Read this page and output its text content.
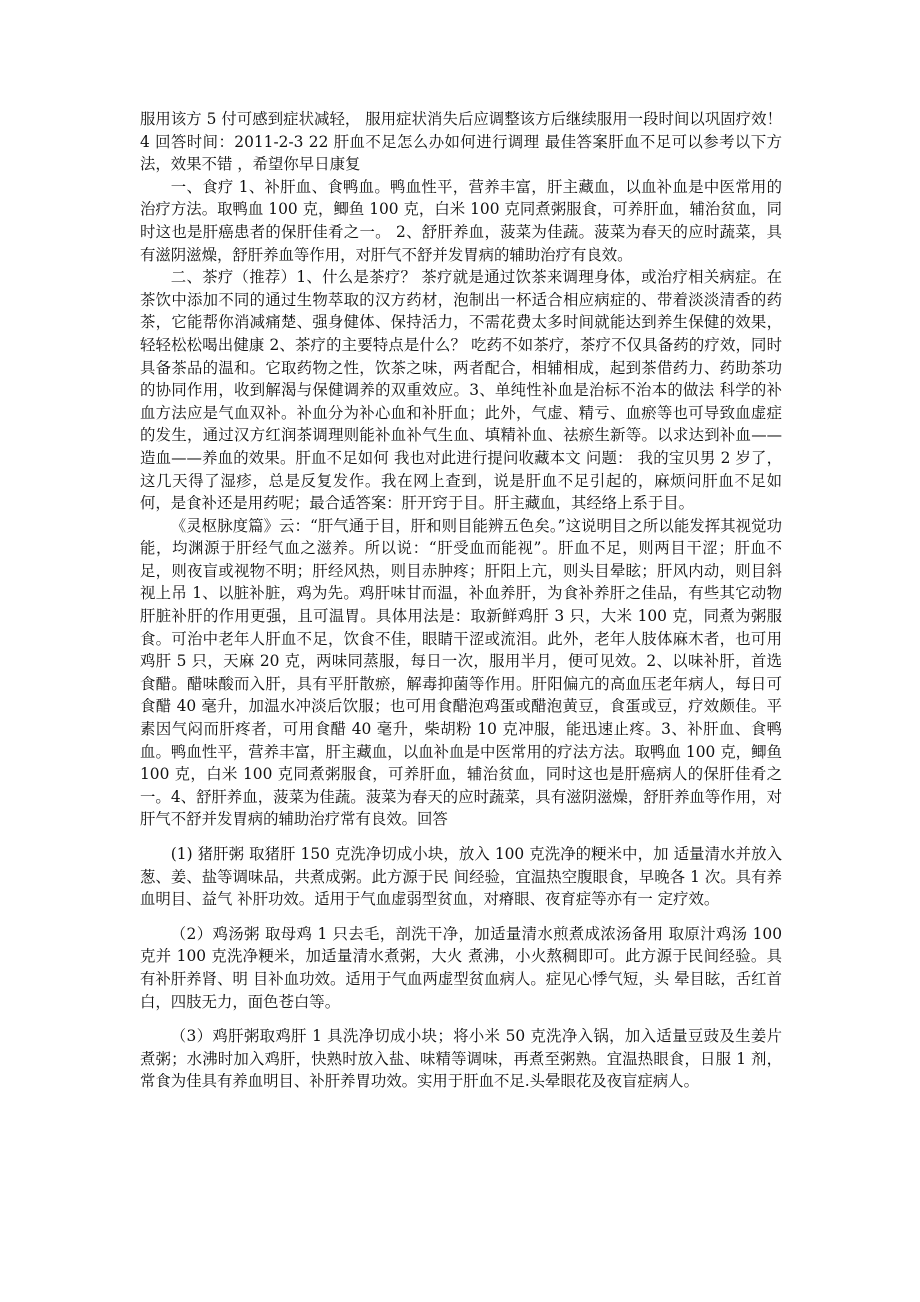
服用该方 5 付可感到症状减轻， 服用症状消失后应调整该方后继续服用一段时间以巩固疗效！4 回答时间：2011-2-3 22 肝血不足怎么办如何进行调理 最佳答案肝血不足可以参考以下方法，效果不错 ，希望你早日康复

一、食疗 1、补肝血、食鸭血。鸭血性平，营养丰富，肝主藏血，以血补血是中医常用的治疗方法。取鸭血 100 克，鲫鱼 100 克，白米 100 克同煮粥服食，可养肝血，辅治贫血，同时这也是肝癌患者的保肝佳肴之一。 2、舒肝养血，菠菜为佳蔬。菠菜为春天的应时蔬菜，具有滋阴滋燥，舒肝养血等作用，对肝气不舒并发胃病的辅助治疗有良效。

二、茶疗（推荐）1、什么是茶疗？ 茶疗就是通过饮茶来调理身体，或治疗相关病症。在茶饮中添加不同的通过生物萃取的汉方药材，泡制出一杯适合相应病症的、带着淡淡清香的药茶，它能帮你消减痛楚、强身健体、保持活力，不需花费太多时间就能达到养生保健的效果，轻轻松松喝出健康 2、茶疗的主要特点是什么？ 吃药不如茶疗，茶疗不仅具备药的疗效，同时具备茶品的温和。它取药物之性，饮茶之味，两者配合，相辅相成，起到茶借药力、药助茶功的协同作用，收到解渴与保健调养的双重效应。3、单纯性补血是治标不治本的做法 科学的补血方法应是气血双补。补血分为补心血和补肝血；此外，气虚、精亏、血瘀等也可导致血虚症的发生，通过汉方红润茶调理则能补血补气生血、填精补血、祛瘀生新等。以求达到补血——造血——养血的效果。肝血不足如何 我也对此进行提问收藏本文 问题： 我的宝贝男 2 岁了，这几天得了湿疹，总是反复发作。我在网上查到，说是肝血不足引起的，麻烦问肝血不足如何，是食补还是用药呢；最合适答案：肝开窍于目。肝主藏血，其经络上系于目。

《灵枢脉度篇》云：“肝气通于目，肝和则目能辨五色矣。”这说明目之所以能发挥其视觉功能，均渊源于肝经气血之滋养。所以说：“肝受血而能视”。肝血不足，则两目干涩；肝血不足，则夜盲或视物不明；肝经风热，则目赤肿疼；肝阳上亢，则头目晕眩；肝风内动，则目斜视上吊 1、以脏补脏，鸡为先。鸡肝味甘而温，补血养肝，为食补养肝之佳品，有些其它动物肝脏补肝的作用更强，且可温胃。具体用法是：取新鲜鸡肝 3 只，大米 100 克，同煮为粥服食。可治中老年人肝血不足，饮食不佳，眼睛干涩或流泪。此外，老年人肢体麻木者，也可用鸡肝 5 只，天麻 20 克，两味同蒸服，每日一次，服用半月，便可见效。2、以味补肝，首选食醋。醋味酸而入肝，具有平肝散瘀，解毒抑菌等作用。肝阳偏亢的高血压老年病人，每日可食醋 40 毫升，加温水冲淡后饮服；也可用食醋泡鸡蛋或醋泡黄豆，食蛋或豆，疗效颇佳。平素因气闷而肝疼者，可用食醋 40 毫升，柴胡粉 10 克冲服，能迅速止疼。3、补肝血、食鸭血。鸭血性平，营养丰富，肝主藏血，以血补血是中医常用的疗法方法。取鸭血 100 克，鲫鱼 100 克，白米 100 克同煮粥服食，可养肝血，辅治贫血，同时这也是肝癌病人的保肝佳肴之一。4、舒肝养血，菠菜为佳蔬。菠菜为春天的应时蔬菜，具有滋阴滋燥，舒肝养血等作用，对肝气不舒并发胃病的辅助治疗常有良效。回答

(1) 猪肝粥 取猪肝 150 克洗净切成小块，放入 100 克洗净的粳米中，加 适量清水并放入葱、姜、盐等调味品，共煮成粥。此方源于民 间经验，宜温热空腹眼食，早晚各 1 次。具有养血明目、益气 补肝功效。适用于气血虚弱型贫血，对瘠眼、夜育症等亦有一 定疗效。

（2）鸡汤粥 取母鸡 1 只去毛，剖洗干净，加适量清水煎煮成浓汤备用 取原汁鸡汤 100 克并 100 克洗净粳米，加适量清水煮粥，大火 煮沸，小火熬稠即可。此方源于民间经验。具有补肝养肾、明 目补血功效。适用于气血两虚型贫血病人。症见心悸气短，头 晕目眩，舌红首白，四肢无力，面色苍白等。

（3）鸡肝粥取鸡肝 1 具洗净切成小块；将小米 50 克洗净入锅，加入适量豆豉及生姜片煮粥；水沸时加入鸡肝，快熟时放入盐、味精等调味，再煮至粥熟。宜温热眼食，日服 1 剂，常食为佳具有养血明目、补肝养胃功效。实用于肝血不足.头晕眼花及夜盲症病人。
